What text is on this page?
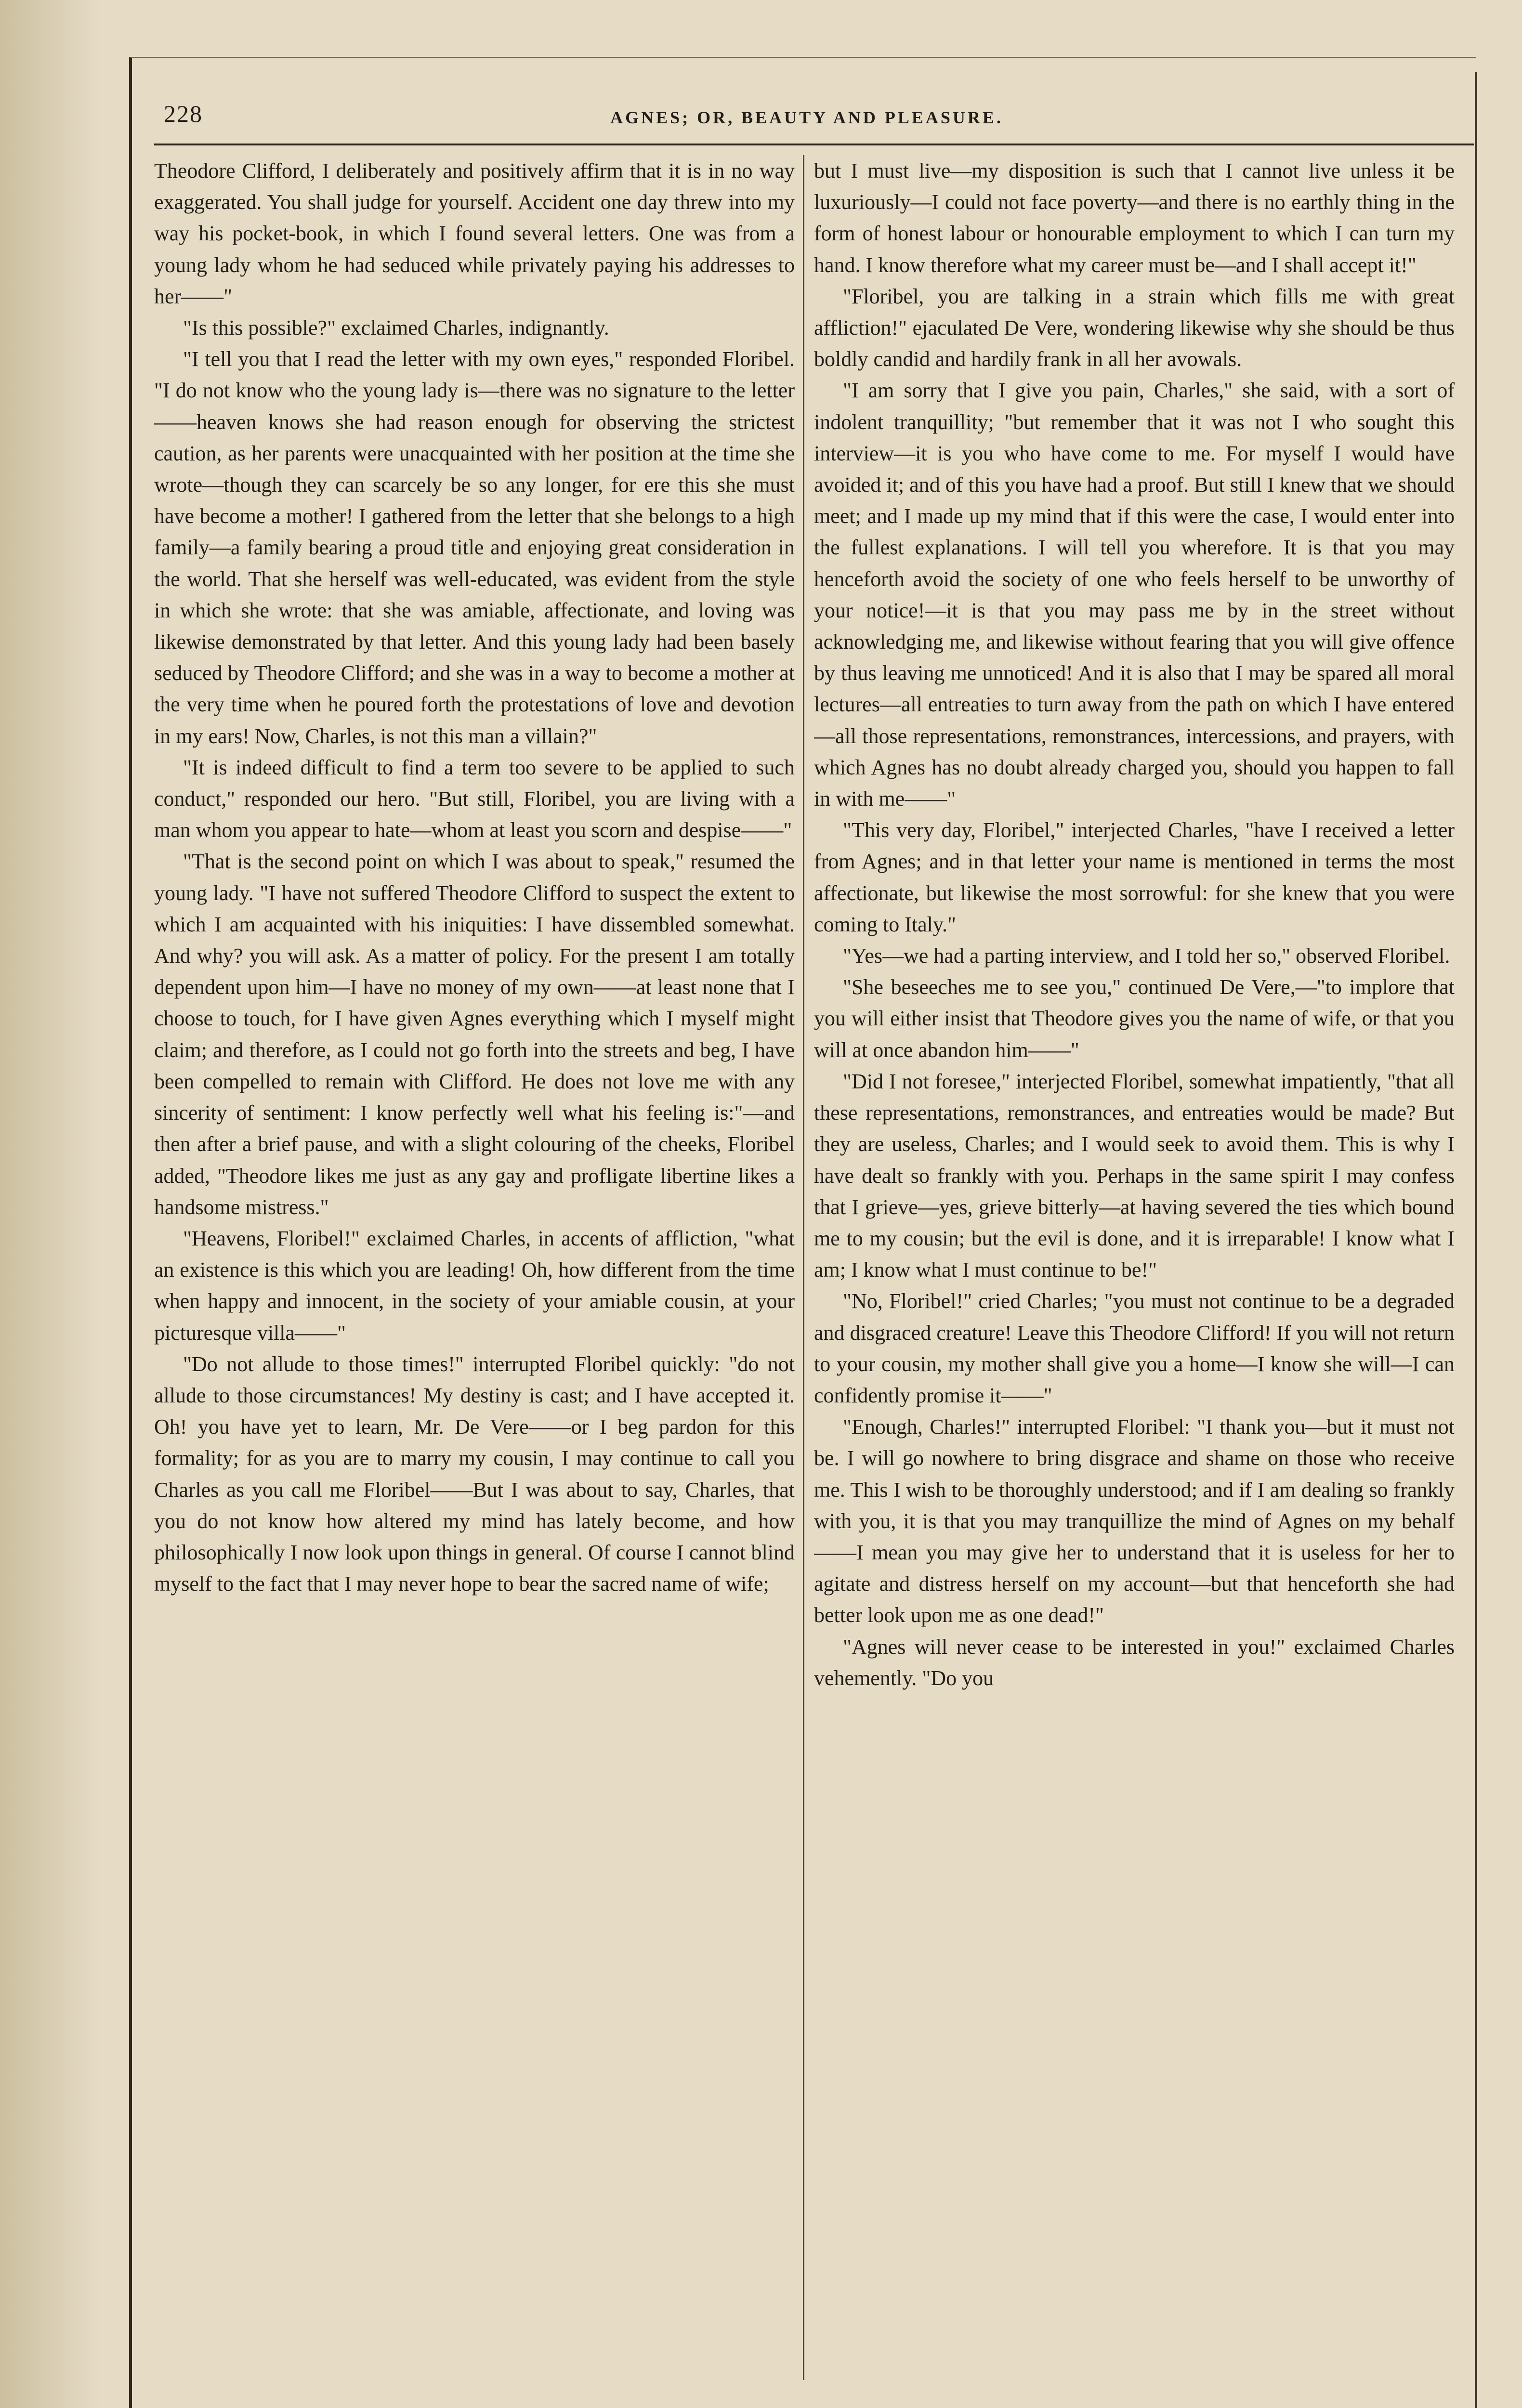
228	AGNES; OR, BEAUTY AND PLEASURE.

Theodore Clifford, I deliberately and positively affirm that it is in no way exaggerated. You shall judge for yourself. Accident one day threw into my way his pocket-book, in which I found several letters. One was from a young lady whom he had seduced while privately paying his addresses to her——"

"Is this possible?" exclaimed Charles, indignantly.

"I tell you that I read the letter with my own eyes," responded Floribel. "I do not know who the young lady is—there was no signature to the letter——heaven knows she had reason enough for observing the strictest caution, as her parents were unacquainted with her position at the time she wrote—though they can scarcely be so any longer, for ere this she must have become a mother! I gathered from the letter that she belongs to a high family—a family bearing a proud title and enjoying great consideration in the world. That she herself was well-educated, was evident from the style in which she wrote: that she was amiable, affectionate, and loving was likewise demonstrated by that letter. And this young lady had been basely seduced by Theodore Clifford; and she was in a way to become a mother at the very time when he poured forth the protestations of love and devotion in my ears! Now, Charles, is not this man a villain?"

"It is indeed difficult to find a term too severe to be applied to such conduct," responded our hero. "But still, Floribel, you are living with a man whom you appear to hate—whom at least you scorn and despise——"

"That is the second point on which I was about to speak," resumed the young lady. "I have not suffered Theodore Clifford to suspect the extent to which I am acquainted with his iniquities: I have dissembled somewhat. And why? you will ask. As a matter of policy. For the present I am totally dependent upon him—I have no money of my own——at least none that I choose to touch, for I have given Agnes everything which I myself might claim; and therefore, as I could not go forth into the streets and beg, I have been compelled to remain with Clifford. He does not love me with any sincerity of sentiment: I know perfectly well what his feeling is:"—and then after a brief pause, and with a slight colouring of the cheeks, Floribel added, "Theodore likes me just as any gay and profligate libertine likes a handsome mistress."

"Heavens, Floribel!" exclaimed Charles, in accents of affliction, "what an existence is this which you are leading! Oh, how different from the time when happy and innocent, in the society of your amiable cousin, at your picturesque villa——"

"Do not allude to those times!" interrupted Floribel quickly: "do not allude to those circumstances! My destiny is cast; and I have accepted it. Oh! you have yet to learn, Mr. De Vere——or I beg pardon for this formality; for as you are to marry my cousin, I may continue to call you Charles as you call me Floribel——But I was about to say, Charles, that you do not know how altered my mind has lately become, and how philosophically I now look upon things in general. Of course I cannot blind myself to the fact that I may never hope to bear the sacred name of wife;

but I must live—my disposition is such that I cannot live unless it be luxuriously—I could not face poverty—and there is no earthly thing in the form of honest labour or honourable employment to which I can turn my hand. I know therefore what my career must be—and I shall accept it!"

"Floribel, you are talking in a strain which fills me with great affliction!" ejaculated De Vere, wondering likewise why she should be thus boldly candid and hardily frank in all her avowals.

"I am sorry that I give you pain, Charles," she said, with a sort of indolent tranquillity; "but remember that it was not I who sought this interview—it is you who have come to me. For myself I would have avoided it; and of this you have had a proof. But still I knew that we should meet; and I made up my mind that if this were the case, I would enter into the fullest explanations. I will tell you wherefore. It is that you may henceforth avoid the society of one who feels herself to be unworthy of your notice!—it is that you may pass me by in the street without acknowledging me, and likewise without fearing that you will give offence by thus leaving me unnoticed! And it is also that I may be spared all moral lectures—all entreaties to turn away from the path on which I have entered—all those representations, remonstrances, intercessions, and prayers, with which Agnes has no doubt already charged you, should you happen to fall in with me——"

"This very day, Floribel," interjected Charles, "have I received a letter from Agnes; and in that letter your name is mentioned in terms the most affectionate, but likewise the most sorrowful: for she knew that you were coming to Italy."

"Yes—we had a parting interview, and I told her so," observed Floribel.

"She beseeches me to see you," continued De Vere,—"to implore that you will either insist that Theodore gives you the name of wife, or that you will at once abandon him——"

"Did I not foresee," interjected Floribel, somewhat impatiently, "that all these representations, remonstrances, and entreaties would be made? But they are useless, Charles; and I would seek to avoid them. This is why I have dealt so frankly with you. Perhaps in the same spirit I may confess that I grieve—yes, grieve bitterly—at having severed the ties which bound me to my cousin; but the evil is done, and it is irreparable! I know what I am; I know what I must continue to be!"

"No, Floribel!" cried Charles; "you must not continue to be a degraded and disgraced creature! Leave this Theodore Clifford! If you will not return to your cousin, my mother shall give you a home—I know she will—I can confidently promise it——"

"Enough, Charles!" interrupted Floribel: "I thank you—but it must not be. I will go nowhere to bring disgrace and shame on those who receive me. This I wish to be thoroughly understood; and if I am dealing so frankly with you, it is that you may tranquillize the mind of Agnes on my behalf——I mean you may give her to understand that it is useless for her to agitate and distress herself on my account—but that henceforth she had better look upon me as one dead!"

"Agnes will never cease to be interested in you!" exclaimed Charles vehemently. "Do you
